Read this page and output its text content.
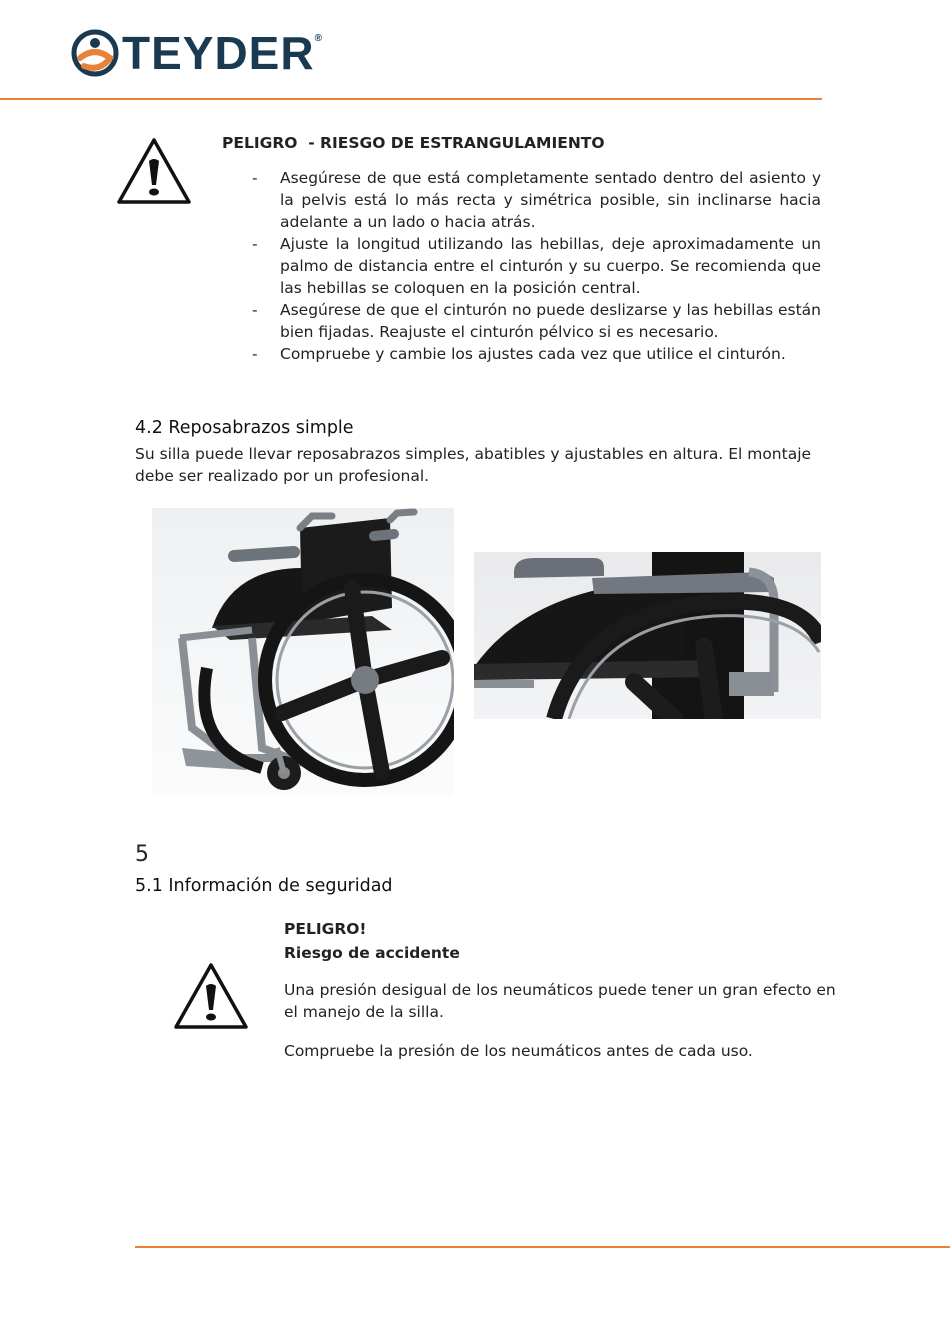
TEYDER®
PELIGRO  - RIESGO DE ESTRANGULAMIENTO
- Asegúrese de que está completamente sentado dentro del asiento y la pelvis está lo más recta y simétrica posible, sin inclinarse hacia adelante a un lado o hacia atrás.
- Ajuste la longitud utilizando las hebillas, deje aproximadamente un palmo de distancia entre el cinturón y su cuerpo. Se recomienda que las hebillas se coloquen en la posición central.
- Asegúrese de que el cinturón no puede deslizarse y las hebillas están bien fijadas. Reajuste el cinturón pélvico si es necesario.
- Compruebe y cambie los ajustes cada vez que utilice el cinturón.
4.2 Reposabrazos simple
Su silla puede llevar reposabrazos simples, abatibles y ajustables en altura. El montaje debe ser realizado por un profesional.
5
5.1 Información de seguridad
PELIGRO!
Riesgo de accidente
Una presión desigual de los neumáticos puede tener un gran efecto en el manejo de la silla.
Compruebe la presión de los neumáticos antes de cada uso.
